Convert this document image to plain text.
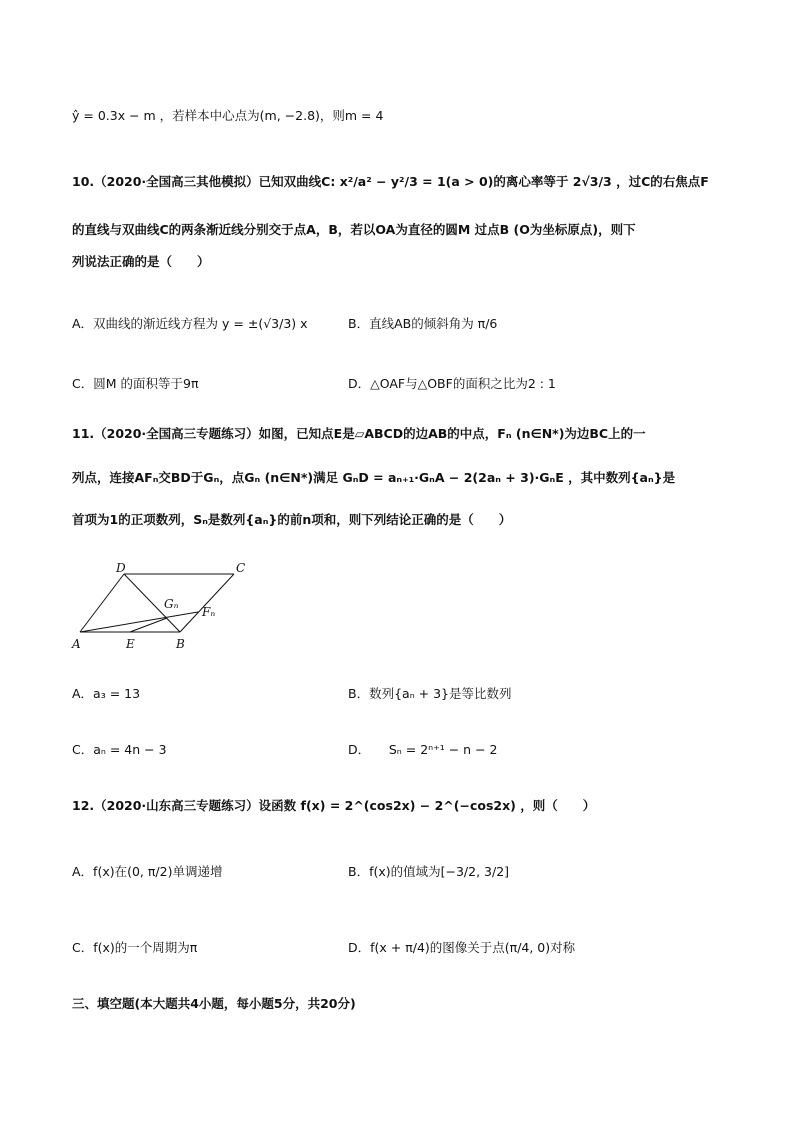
ŷ = 0.3x − m ，若样本中心点为(m, −2.8)，则m = 4
10.（2020·全国高三其他模拟）已知双曲线C: x²/a² − y²/3 = 1(a > 0)的离心率等于 2√3/3 ，过C的右焦点F
的直线与双曲线C的两条渐近线分别交于点A，B，若以OA为直径的圆M 过点B (O为坐标原点)，则下
列说法正确的是（　　）
A．双曲线的渐近线方程为 y = ±(√3/3) x	B．直线AB的倾斜角为 π/6
C．圆M 的面积等于9π	D．△OAF与△OBF的面积之比为2 : 1
11.（2020·全国高三专题练习）如图，已知点E是▱ABCD的边AB的中点，Fₙ (n∈N*)为边BC上的一
列点，连接AFₙ交BD于Gₙ，点Gₙ (n∈N*)满足 GₙD = aₙ₊₁·GₙA − 2(2aₙ + 3)·GₙE ，其中数列{aₙ}是
首项为1的正项数列，Sₙ是数列{aₙ}的前n项和，则下列结论正确的是（　　）
D	C
Gₙ
Fₙ
A	E	B
A．a₃ = 13	B．数列{aₙ + 3}是等比数列
C．aₙ = 4n − 3	D．　　Sₙ = 2ⁿ⁺¹ − n − 2
12.（2020·山东高三专题练习）设函数 f(x) = 2^(cos2x) − 2^(−cos2x) ，则（　　）
A．f(x)在(0, π/2)单调递增	B．f(x)的值域为[−3/2, 3/2]
C．f(x)的一个周期为π	D．f(x + π/4)的图像关于点(π/4, 0)对称
三、填空题(本大题共4小题，每小题5分，共20分)
